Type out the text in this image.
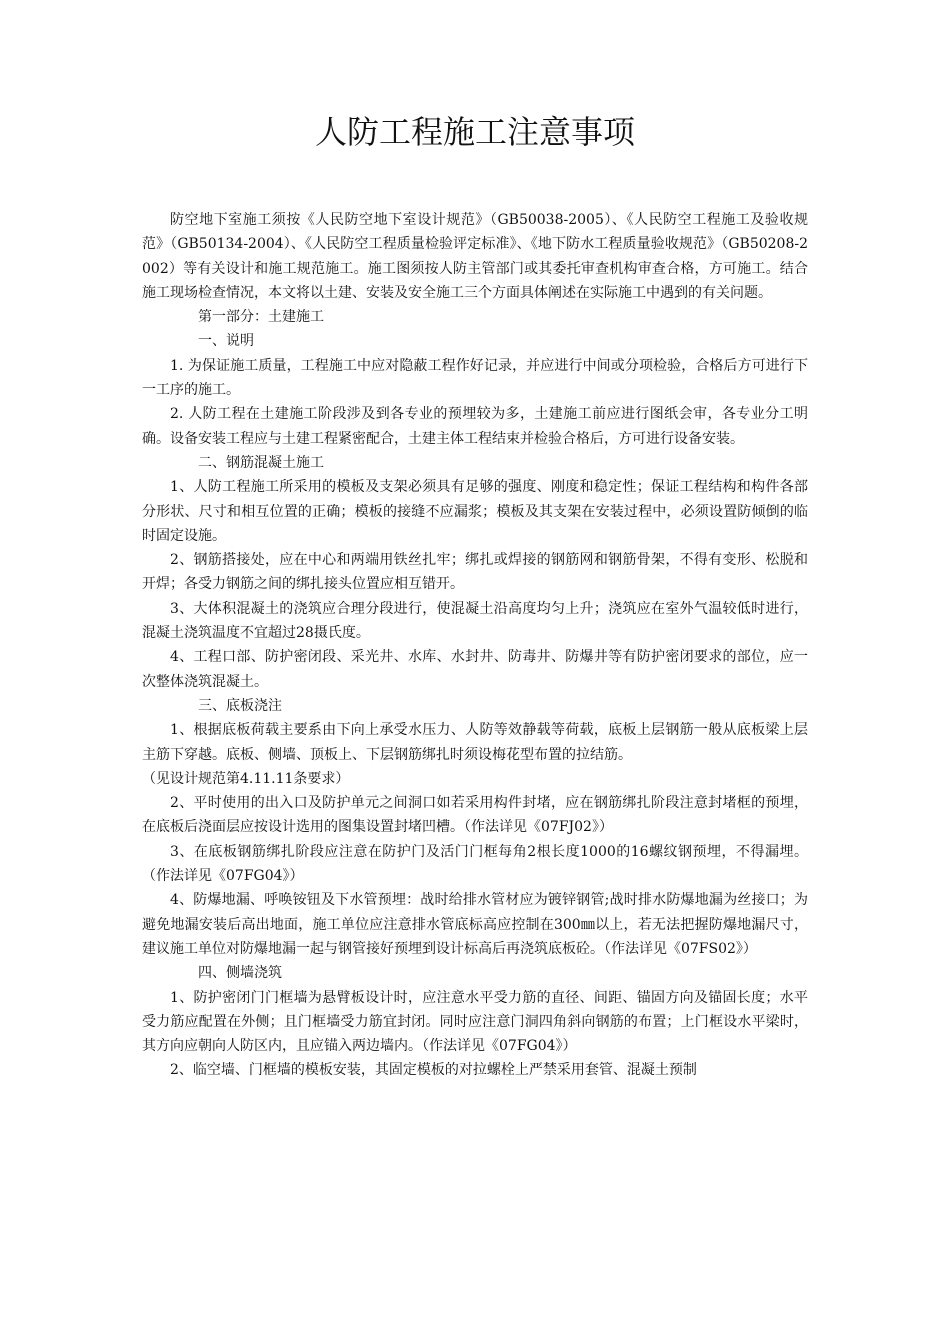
人防工程施工注意事项

防空地下室施工须按《人民防空地下室设计规范》（GB50038-2005）、《人民防空工程施工及验收规范》（GB50134-2004）、《人民防空工程质量检验评定标准》、《地下防水工程质量验收规范》（GB50208-2002）等有关设计和施工规范施工。施工图须按人防主管部门或其委托审查机构审查合格，方可施工。结合施工现场检查情况，本文将以土建、安装及安全施工三个方面具体阐述在实际施工中遇到的有关问题。

第一部分：土建施工

一、说明

1. 为保证施工质量，工程施工中应对隐蔽工程作好记录，并应进行中间或分项检验，合格后方可进行下一工序的施工。

2. 人防工程在土建施工阶段涉及到各专业的预埋较为多，土建施工前应进行图纸会审，各专业分工明确。设备安装工程应与土建工程紧密配合，土建主体工程结束并检验合格后，方可进行设备安装。

二、钢筋混凝土施工

1、人防工程施工所采用的模板及支架必须具有足够的强度、刚度和稳定性；保证工程结构和构件各部分形状、尺寸和相互位置的正确；模板的接缝不应漏浆；模板及其支架在安装过程中，必须设置防倾倒的临时固定设施。

2、钢筋搭接处，应在中心和两端用铁丝扎牢；绑扎或焊接的钢筋网和钢筋骨架，不得有变形、松脱和开焊；各受力钢筋之间的绑扎接头位置应相互错开。

3、大体积混凝土的浇筑应合理分段进行，使混凝土沿高度均匀上升；浇筑应在室外气温较低时进行，混凝土浇筑温度不宜超过28摄氏度。

4、工程口部、防护密闭段、采光井、水库、水封井、防毒井、防爆井等有防护密闭要求的部位，应一次整体浇筑混凝土。

三、底板浇注

1、根据底板荷载主要系由下向上承受水压力、人防等效静载等荷载，底板上层钢筋一般从底板梁上层主筋下穿越。底板、侧墙、顶板上、下层钢筋绑扎时须设梅花型布置的拉结筋。

（见设计规范第4.11.11条要求）

2、平时使用的出入口及防护单元之间洞口如若采用构件封堵，应在钢筋绑扎阶段注意封堵框的预埋，在底板后浇面层应按设计选用的图集设置封堵凹槽。（作法详见《07FJ02》）

3、在底板钢筋绑扎阶段应注意在防护门及活门门框每角2根长度1000的16螺纹钢预埋，不得漏埋。（作法详见《07FG04》）

4、防爆地漏、呼唤铵钮及下水管预埋：战时给排水管材应为镀锌钢管;战时排水防爆地漏为丝接口；为避免地漏安装后高出地面，施工单位应注意排水管底标高应控制在300㎜以上，若无法把握防爆地漏尺寸，建议施工单位对防爆地漏一起与钢管接好预埋到设计标高后再浇筑底板砼。（作法详见《07FS02》）

四、侧墙浇筑

1、防护密闭门门框墙为悬臂板设计时，应注意水平受力筋的直径、间距、锚固方向及锚固长度；水平受力筋应配置在外侧；且门框墙受力筋宜封闭。同时应注意门洞四角斜向钢筋的布置；上门框设水平梁时，其方向应朝向人防区内，且应锚入两边墙内。（作法详见《07FG04》）

2、临空墙、门框墙的模板安装，其固定模板的对拉螺栓上严禁采用套管、混凝土预制
